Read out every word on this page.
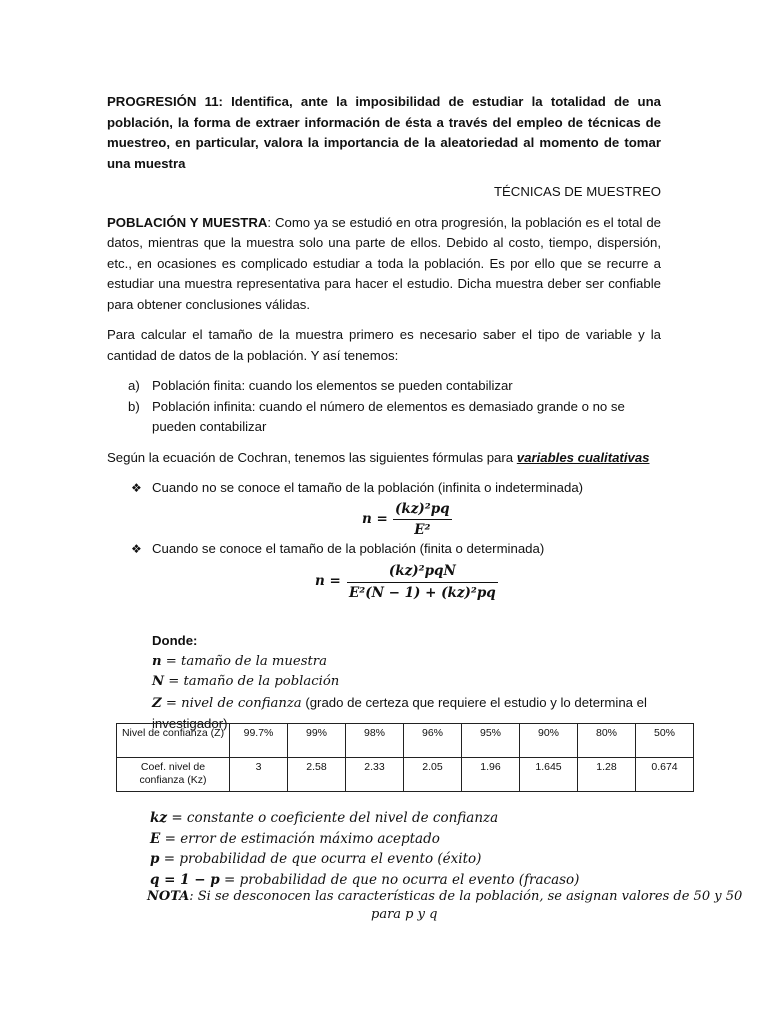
PROGRESIÓN 11: Identifica, ante la imposibilidad de estudiar la totalidad de una población, la forma de extraer información de ésta a través del empleo de técnicas de muestreo, en particular, valora la importancia de la aleatoriedad al momento de tomar una muestra

TÉCNICAS DE MUESTREO

POBLACIÓN Y MUESTRA: Como ya se estudió en otra progresión, la población es el total de datos, mientras que la muestra solo una parte de ellos. Debido al costo, tiempo, dispersión, etc., en ocasiones es complicado estudiar a toda la población. Es por ello que se recurre a estudiar una muestra representativa para hacer el estudio. Dicha muestra deber ser confiable para obtener conclusiones válidas.

Para calcular el tamaño de la muestra primero es necesario saber el tipo de variable y la cantidad de datos de la población. Y así tenemos:

a) Población finita: cuando los elementos se pueden contabilizar
b) Población infinita: cuando el número de elementos es demasiado grande o no se pueden contabilizar

Según la ecuación de Cochran, tenemos las siguientes fórmulas para variables cualitativas

❖ Cuando no se conoce el tamaño de la población (infinita o indeterminada)
$n = \frac{\text{(kz)²pq}}{\text{E²}}$
❖ Cuando se conoce el tamaño de la población (finita o determinada)
n =
(kz)²pqN
E²(N − 1) + (kz)²pq
Donde:
n = tamaño de la muestra
N = tamaño de la población
Z = nivel de confianza (grado de certeza que requiere el estudio y lo determina el investigador)
Nivel de confianza (Z)	99.7%	99%	98%	96%	95%	90%	80%	50%
Coef. nivel de confianza (Kz)	3	2.58	2.33	2.05	1.96	1.645	1.28	0.674
kz = constante o coeficiente del nivel de confianza
E = error de estimación máximo aceptado
p = probabilidad de que ocurra el evento (éxito)
q = 1 − p = probabilidad de que no ocurra el evento (fracaso)
NOTA: Si se desconocen las características de la población, se asignan valores de 50 y 50
para p y q
